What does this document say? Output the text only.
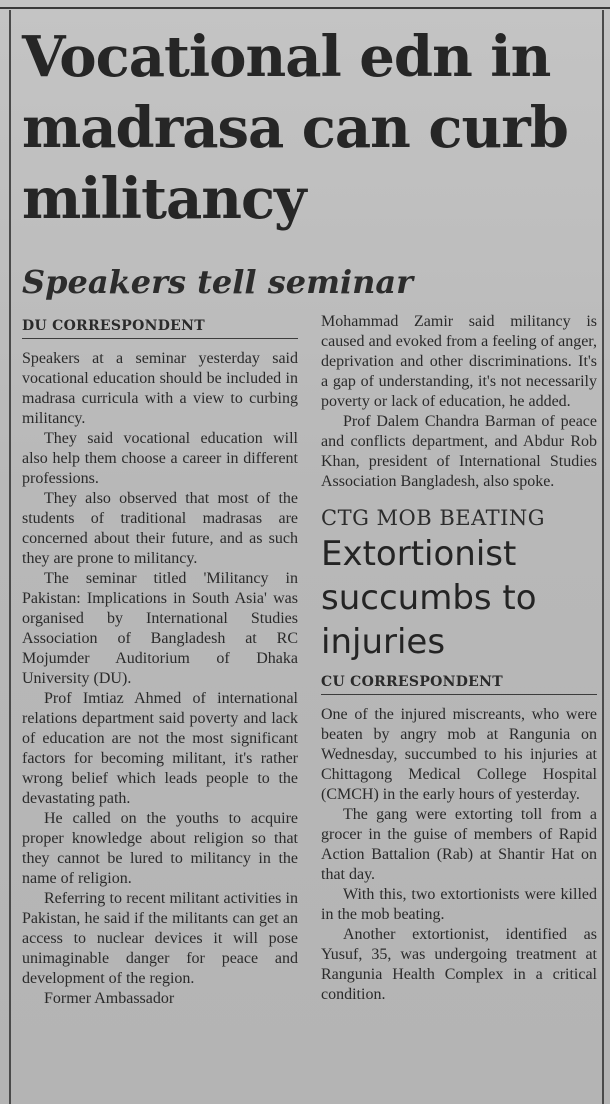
Vocational edn in madrasa can curb militancy
Speakers tell seminar
DU CORRESPONDENT

Speakers at a seminar yesterday said vocational education should be included in madrasa curricula with a view to curbing militancy.

They said vocational education will also help them choose a career in different professions.

They also observed that most of the students of traditional madrasas are concerned about their future, and as such they are prone to militancy.

The seminar titled 'Militancy in Pakistan: Implications in South Asia' was organised by International Studies Association of Bangladesh at RC Mojumder Auditorium of Dhaka University (DU).

Prof Imtiaz Ahmed of international relations department said poverty and lack of education are not the most significant factors for becoming militant, it's rather wrong belief which leads people to the devastating path.

He called on the youths to acquire proper knowledge about religion so that they cannot be lured to militancy in the name of religion.

Referring to recent militant activities in Pakistan, he said if the militants can get an access to nuclear devices it will pose unimaginable danger for peace and development of the region.

Former Ambassador

Mohammad Zamir said militancy is caused and evoked from a feeling of anger, deprivation and other discriminations. It's a gap of understanding, it's not necessarily poverty or lack of education, he added.

Prof Dalem Chandra Barman of peace and conflicts department, and Abdur Rob Khan, president of International Studies Association Bangladesh, also spoke.

CTG MOB BEATING
Extortionist succumbs to injuries
CU CORRESPONDENT

One of the injured miscreants, who were beaten by angry mob at Rangunia on Wednesday, succumbed to his injuries at Chittagong Medical College Hospital (CMCH) in the early hours of yesterday.

The gang were extorting toll from a grocer in the guise of members of Rapid Action Battalion (Rab) at Shantir Hat on that day.

With this, two extortionists were killed in the mob beating.

Another extortionist, identified as Yusuf, 35, was undergoing treatment at Rangunia Health Complex in a critical condition.
